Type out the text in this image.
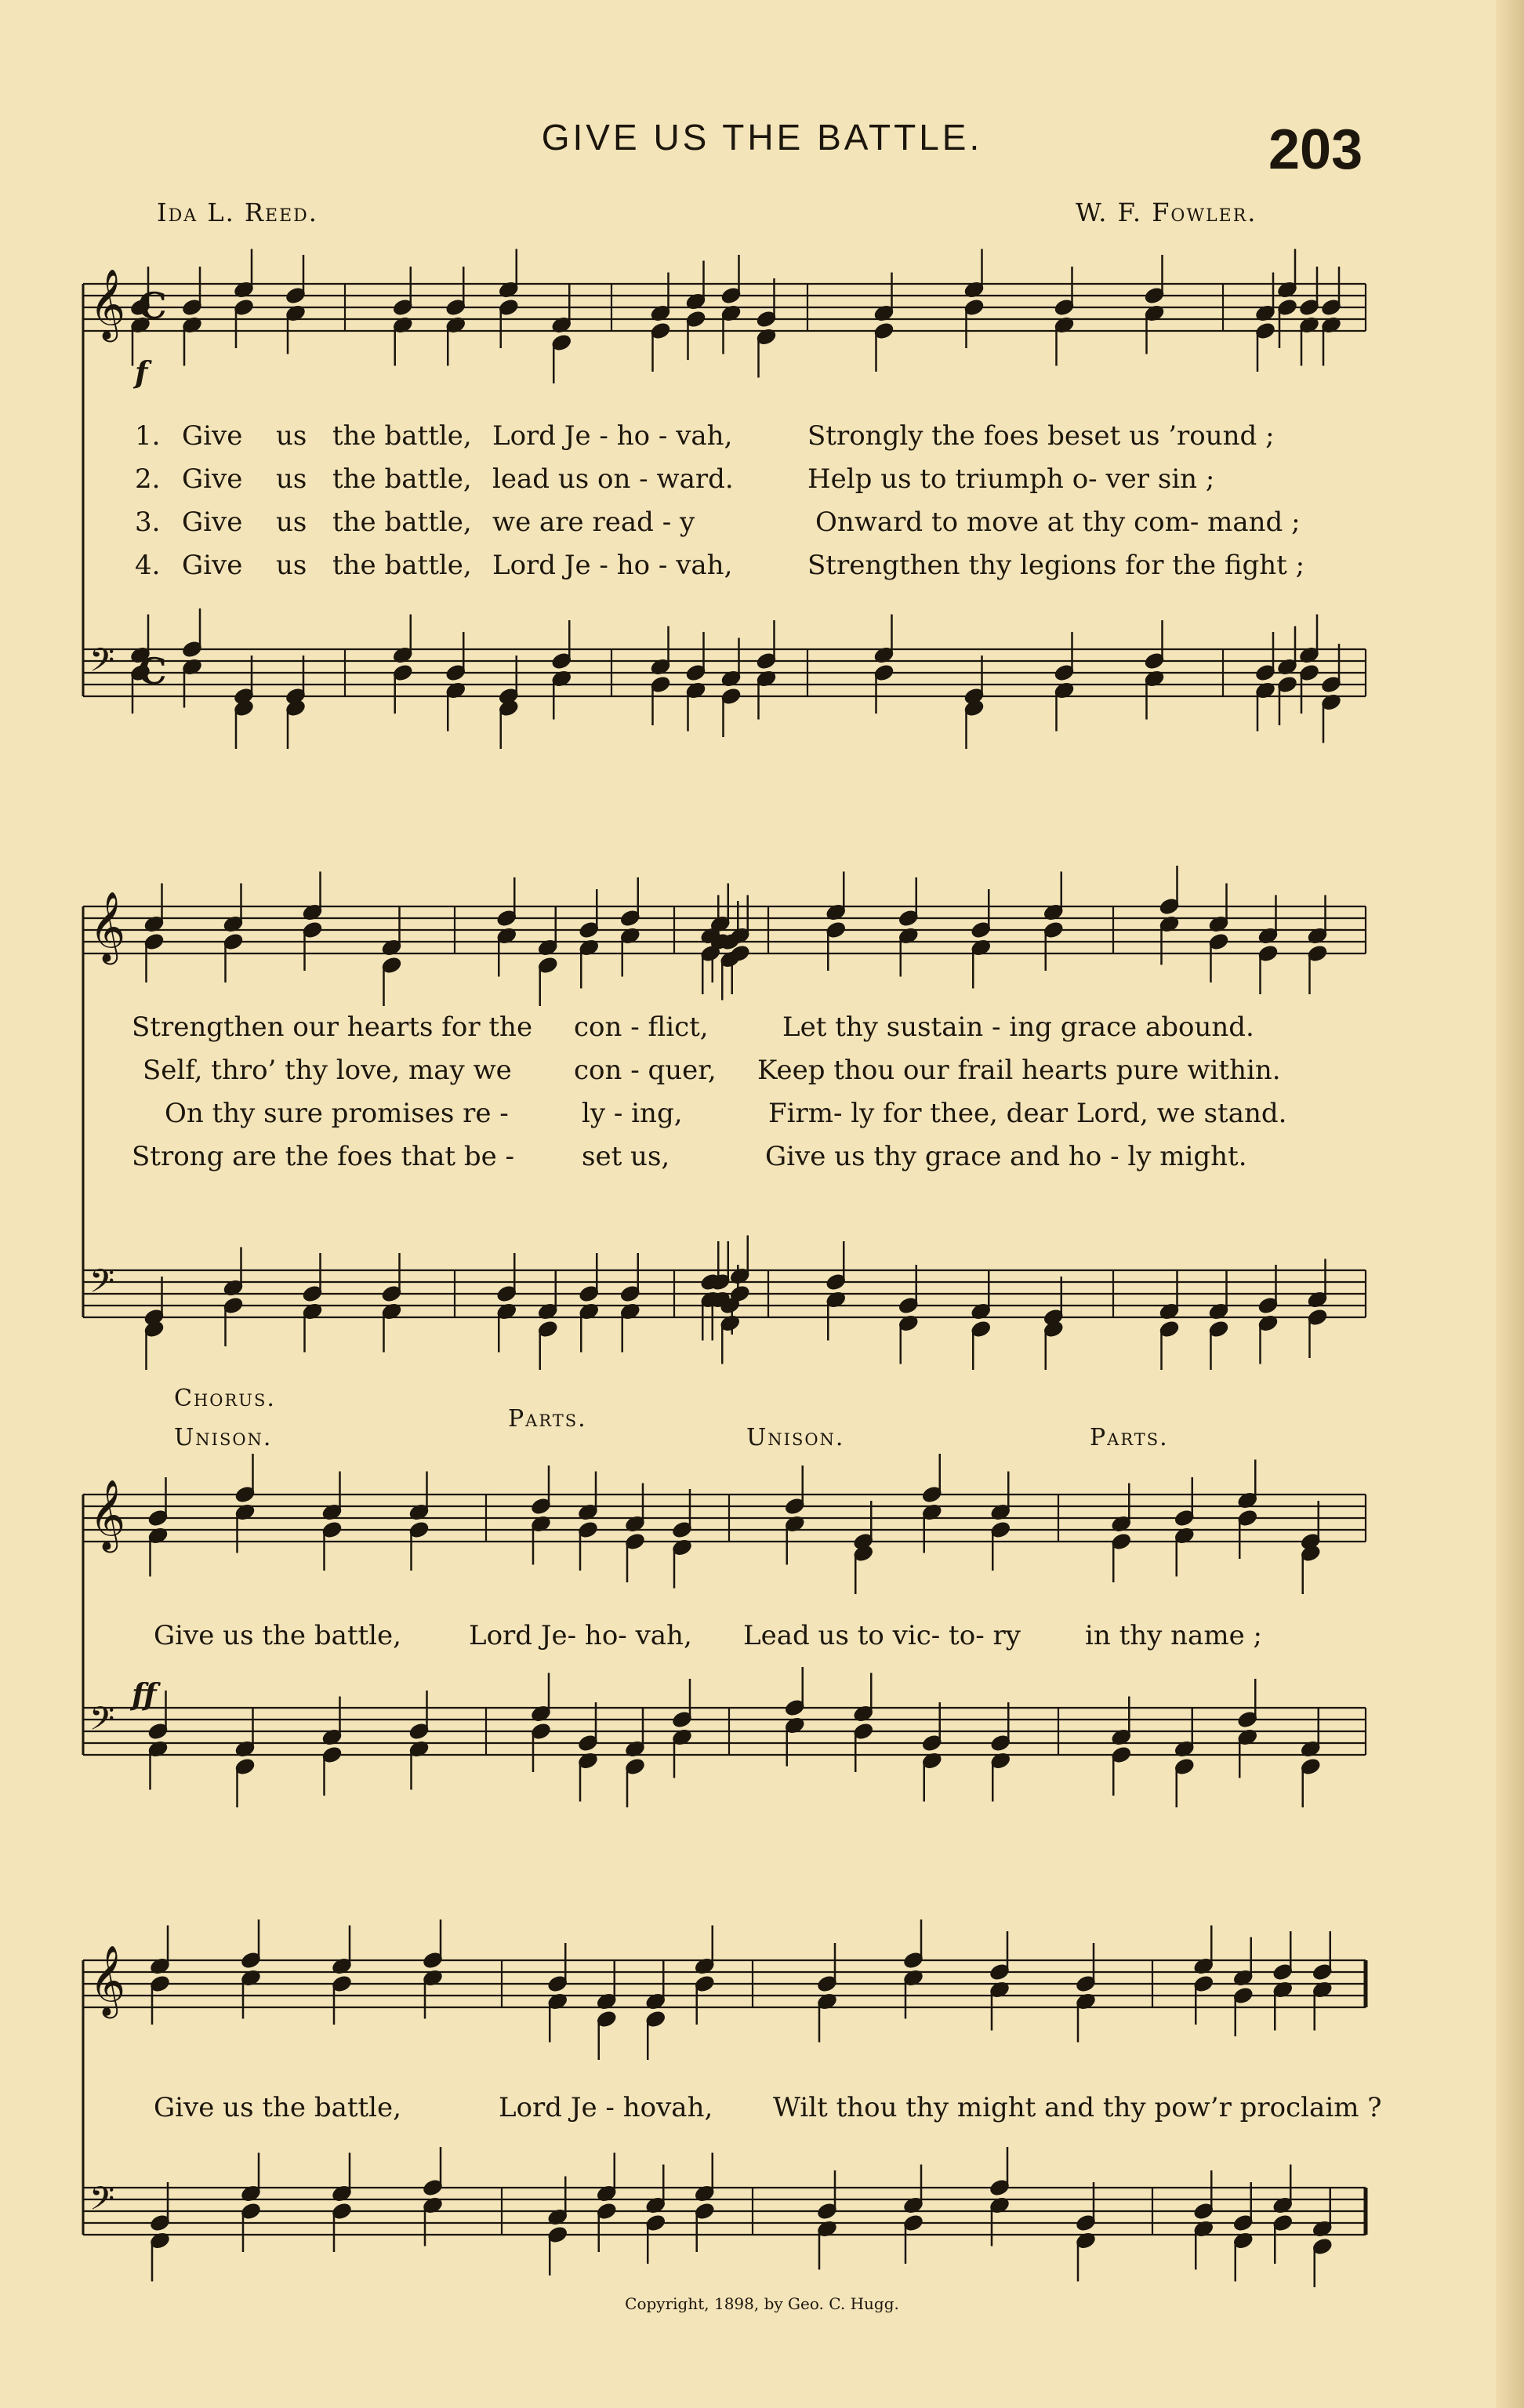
GIVE US THE BATTLE.	203
Ida L. Reed.	W. F. Fowler.
𝄞 C
𝄢 C
𝄞
𝄢
𝄞
𝄢
𝄞
𝄢
f
ff
1. Give us the battle, Lord Je - ho - vah,	Strongly the foes beset us ’round ;
2. Give us the battle, lead us on - ward.	Help us to triumph o- ver sin ;
3. Give us the battle, we are read - y	Onward to move at thy com- mand ;
4. Give us the battle, Lord Je - ho - vah,	Strengthen thy legions for the fight ;
Strengthen our hearts for the con - flict,	Let thy sustain - ing grace abound.
Self, thro’ thy love, may we con - quer, Keep thou our frail hearts pure within.
On thy sure promises re -	ly - ing,	Firm- ly for thee, dear Lord, we stand.
Strong are the foes that be -	set us,	Give us thy grace and ho - ly might.
Chorus.
Unison.
Parts.
Unison.	Parts.
Give us the battle,	Lord Je- ho- vah, Lead us to vic- to- ry in thy name ;
Give us the battle,	Lord Je - hovah, Wilt thou thy might and thy pow’r proclaim ?
Copyright, 1898, by Geo. C. Hugg.
